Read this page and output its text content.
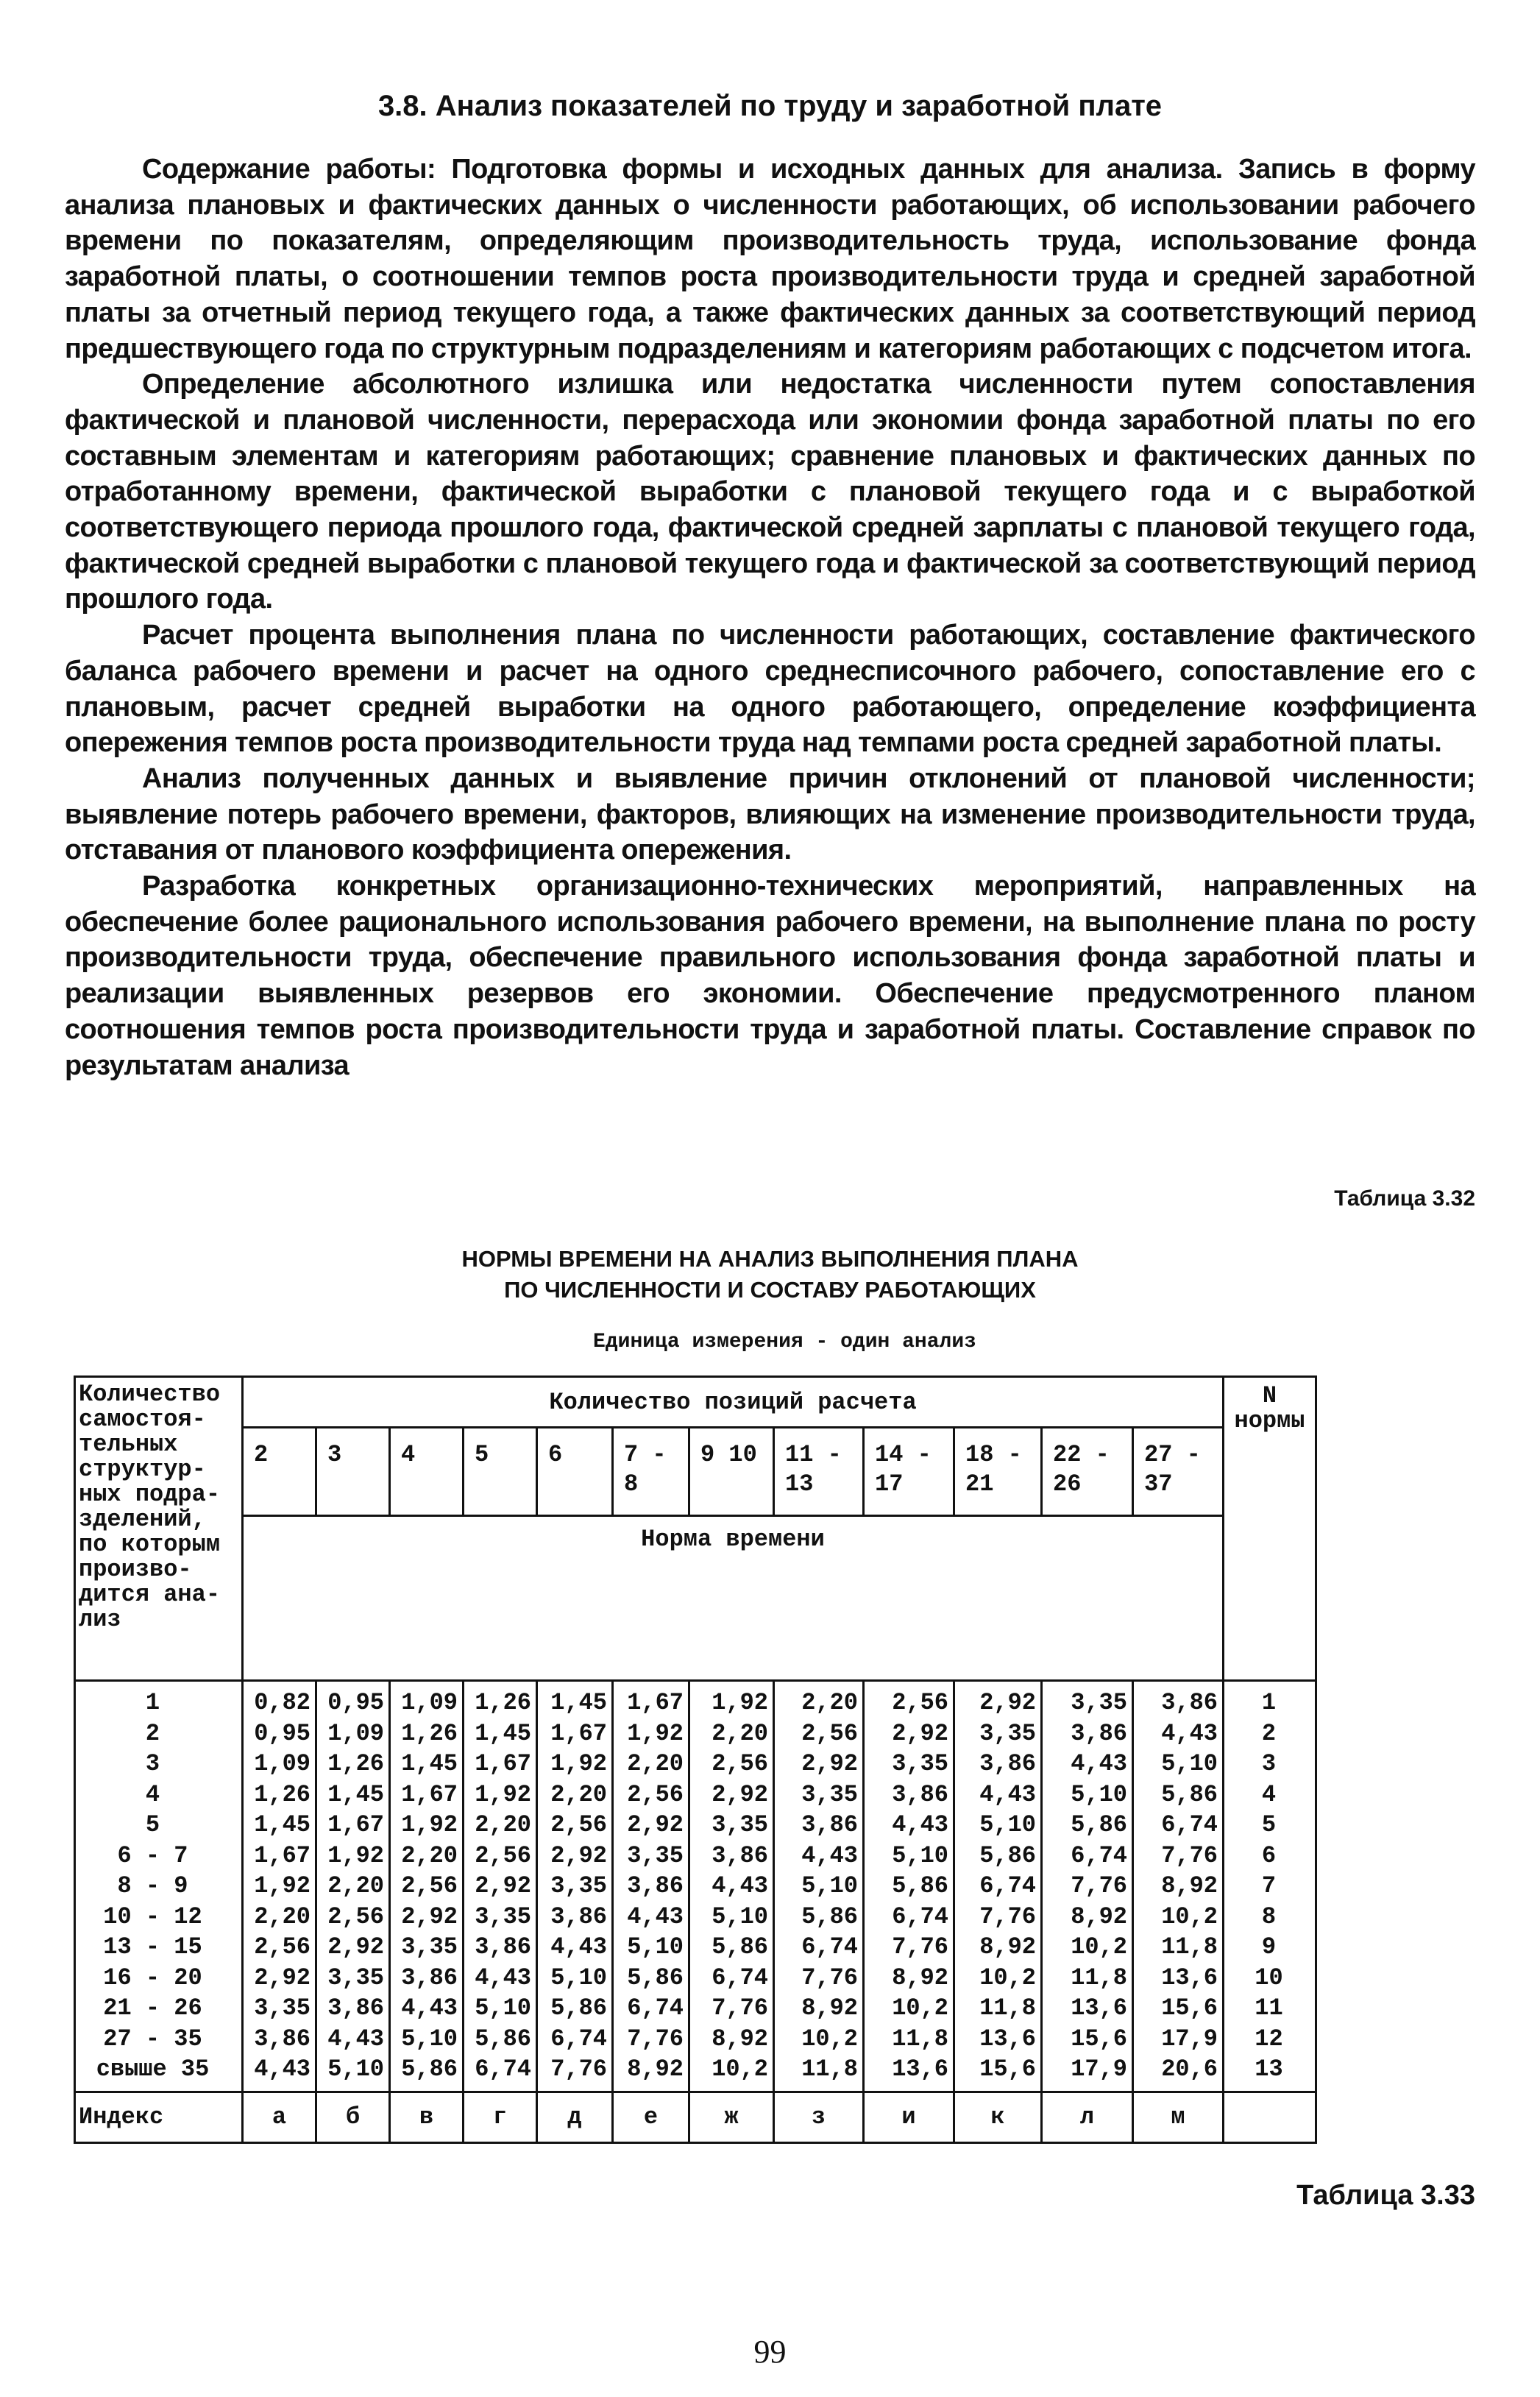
3.8. Анализ показателей по труду и заработной плате

Содержание работы: Подготовка формы и исходных данных для анализа. Запись в форму анализа плановых и фактических данных о численности работающих, об использовании рабочего времени по показателям, определяющим производительность труда, использование фонда заработной платы, о соотношении темпов роста производительности труда и средней заработной платы за отчетный период текущего года, а также фактических данных за соответствующий период предшествующего года по структурным подразделениям и категориям работающих с подсчетом итога.

Определение абсолютного излишка или недостатка численности путем сопоставления фактической и плановой численности, перерасхода или экономии фонда заработной платы по его составным элементам и категориям работающих; сравнение плановых и фактических данных по отработанному времени, фактической выработки с плановой текущего года и с выработкой соответствующего периода прошлого года, фактической средней зарплаты с плановой текущего года, фактической средней выработки с плановой текущего года и фактической за соответствующий период прошлого года.

Расчет процента выполнения плана по численности работающих, составление фактического баланса рабочего времени и расчет на одного среднесписочного рабочего, сопоставление его с плановым, расчет средней выработки на одного работающего, определение коэффициента опережения темпов роста производительности труда над темпами роста средней заработной платы.

Анализ полученных данных и выявление причин отклонений от плановой численности; выявление потерь рабочего времени, факторов, влияющих на изменение производительности труда, отставания от планового коэффициента опережения.

Разработка конкретных организационно-технических мероприятий, направленных на обеспечение более рационального использования рабочего времени, на выполнение плана по росту производительности труда, обеспечение правильного использования фонда заработной платы и реализации выявленных резервов его экономии. Обеспечение предусмотренного планом соотношения темпов роста производительности труда и заработной платы. Составление справок по результатам анализа

Таблица 3.32
НОРМЫ ВРЕМЕНИ НА АНАЛИЗ ВЫПОЛНЕНИЯ ПЛАНА
ПО ЧИСЛЕННОСТИ И СОСТАВУ РАБОТАЮЩИХ
Единица измерения - один анализ
Количество самостоя-тельных структур-ных подра-зделений, по которым произво-дится ана-лиз	Количество позиций расчета												N нормы
	2	3	4	5	6	7 - 8	9 10	11 - 13	14 - 17	18 - 21	22 - 26	27 - 37	
	Норма времени												
1	0,82	0,95	1,09	1,26	1,45	1,67	1,92	2,20	2,56	2,92	3,35	3,86	1
2	0,95	1,09	1,26	1,45	1,67	1,92	2,20	2,56	2,92	3,35	3,86	4,43	2
3	1,09	1,26	1,45	1,67	1,92	2,20	2,56	2,92	3,35	3,86	4,43	5,10	3
4	1,26	1,45	1,67	1,92	2,20	2,56	2,92	3,35	3,86	4,43	5,10	5,86	4
5	1,45	1,67	1,92	2,20	2,56	2,92	3,35	3,86	4,43	5,10	5,86	6,74	5
6 - 7	1,67	1,92	2,20	2,56	2,92	3,35	3,86	4,43	5,10	5,86	6,74	7,76	6
8 - 9	1,92	2,20	2,56	2,92	3,35	3,86	4,43	5,10	5,86	6,74	7,76	8,92	7
10 - 12	2,20	2,56	2,92	3,35	3,86	4,43	5,10	5,86	6,74	7,76	8,92	10,2	8
13 - 15	2,56	2,92	3,35	3,86	4,43	5,10	5,86	6,74	7,76	8,92	10,2	11,8	9
16 - 20	2,92	3,35	3,86	4,43	5,10	5,86	6,74	7,76	8,92	10,2	11,8	13,6	10
21 - 26	3,35	3,86	4,43	5,10	5,86	6,74	7,76	8,92	10,2	11,8	13,6	15,6	11
27 - 35	3,86	4,43	5,10	5,86	6,74	7,76	8,92	10,2	11,8	13,6	15,6	17,9	12
свыше 35	4,43	5,10	5,86	6,74	7,76	8,92	10,2	11,8	13,6	15,6	17,9	20,6	13
Индекс	а	б	в	г	д	е	ж	з	и	к	л	м	
Таблица 3.33
99
